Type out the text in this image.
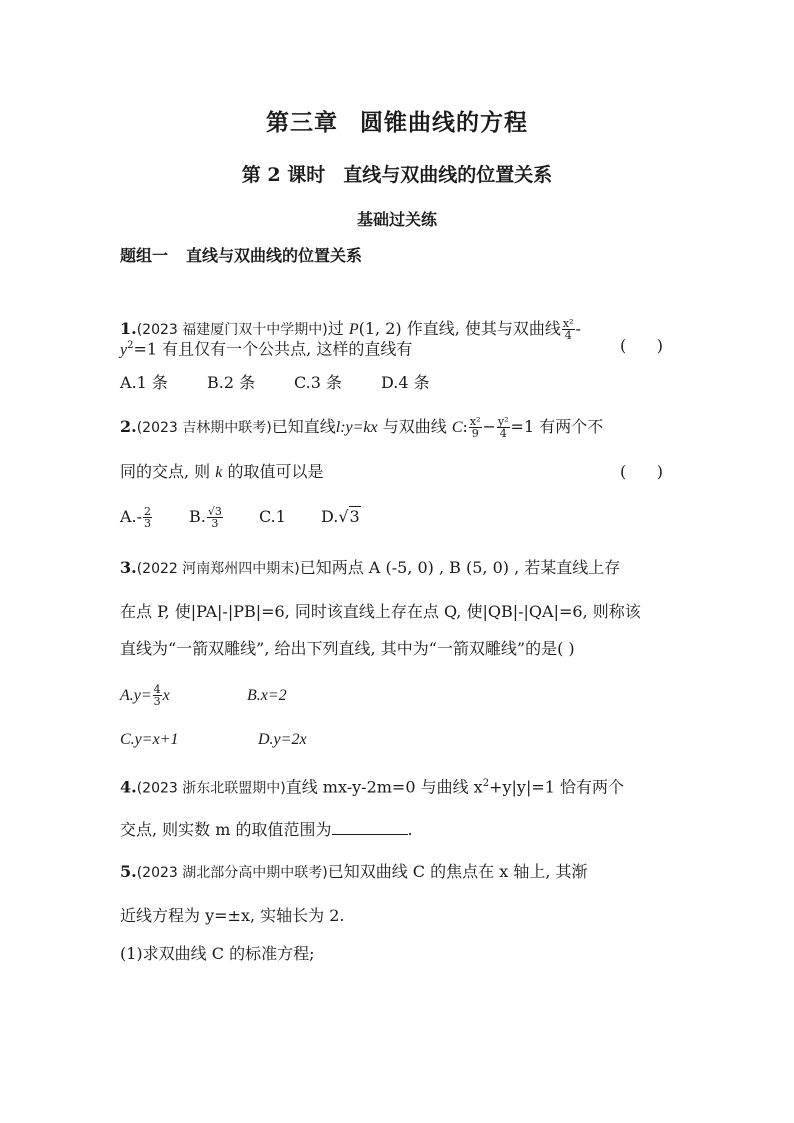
第三章 圆锥曲线的方程
第 2 课时 直线与双曲线的位置关系
基础过关练
题组一 直线与双曲线的位置关系
1.(2023 福建厦门双十中学期中)过 P(1, 2) 作直线, 使其与双曲线 $\frac{\text{x²}}{4}$ -
$y^2=1$ 有且仅有一个公共点, 这样的直线有	(      )
A.1 条 B.2 条 C.3 条 D.4 条
2.(2023 吉林期中联考)已知直线l:y=kx 与双曲线 C: $\frac{\text{x²}}{9} - \frac{\text{y²}}{4} =1$ 有两个不
同的交点, 则 k 的取值可以是	(      )
$A.- \frac{2}{3} B$. $\frac{√3}{3} C.1$ D.√3
3.(2022 河南郑州四中期末)已知两点 A (-5, 0) , B (5, 0) , 若某直线上存
在点 P, 使|PA|-|PB|=6, 同时该直线上存在点 Q, 使|QB|-|QA|=6, 则称该
直线为“一箭双雕线”, 给出下列直线, 其中为“一箭双雕线”的是( )
$A.y= \frac{4}{3}$ x	B.x=2
C.y=x+1	D.y=2x
4.(2023 浙东北联盟期中)直线 mx-y-2m=0 与曲线 $x^2+y|y|=1$ 恰有两个
交点, 则实数 m 的取值范围为	.
5.(2023 湖北部分高中期中联考)已知双曲线 C 的焦点在 x 轴上, 其渐
近线方程为 y=±x, 实轴长为 2.
(1)求双曲线 C 的标准方程;
